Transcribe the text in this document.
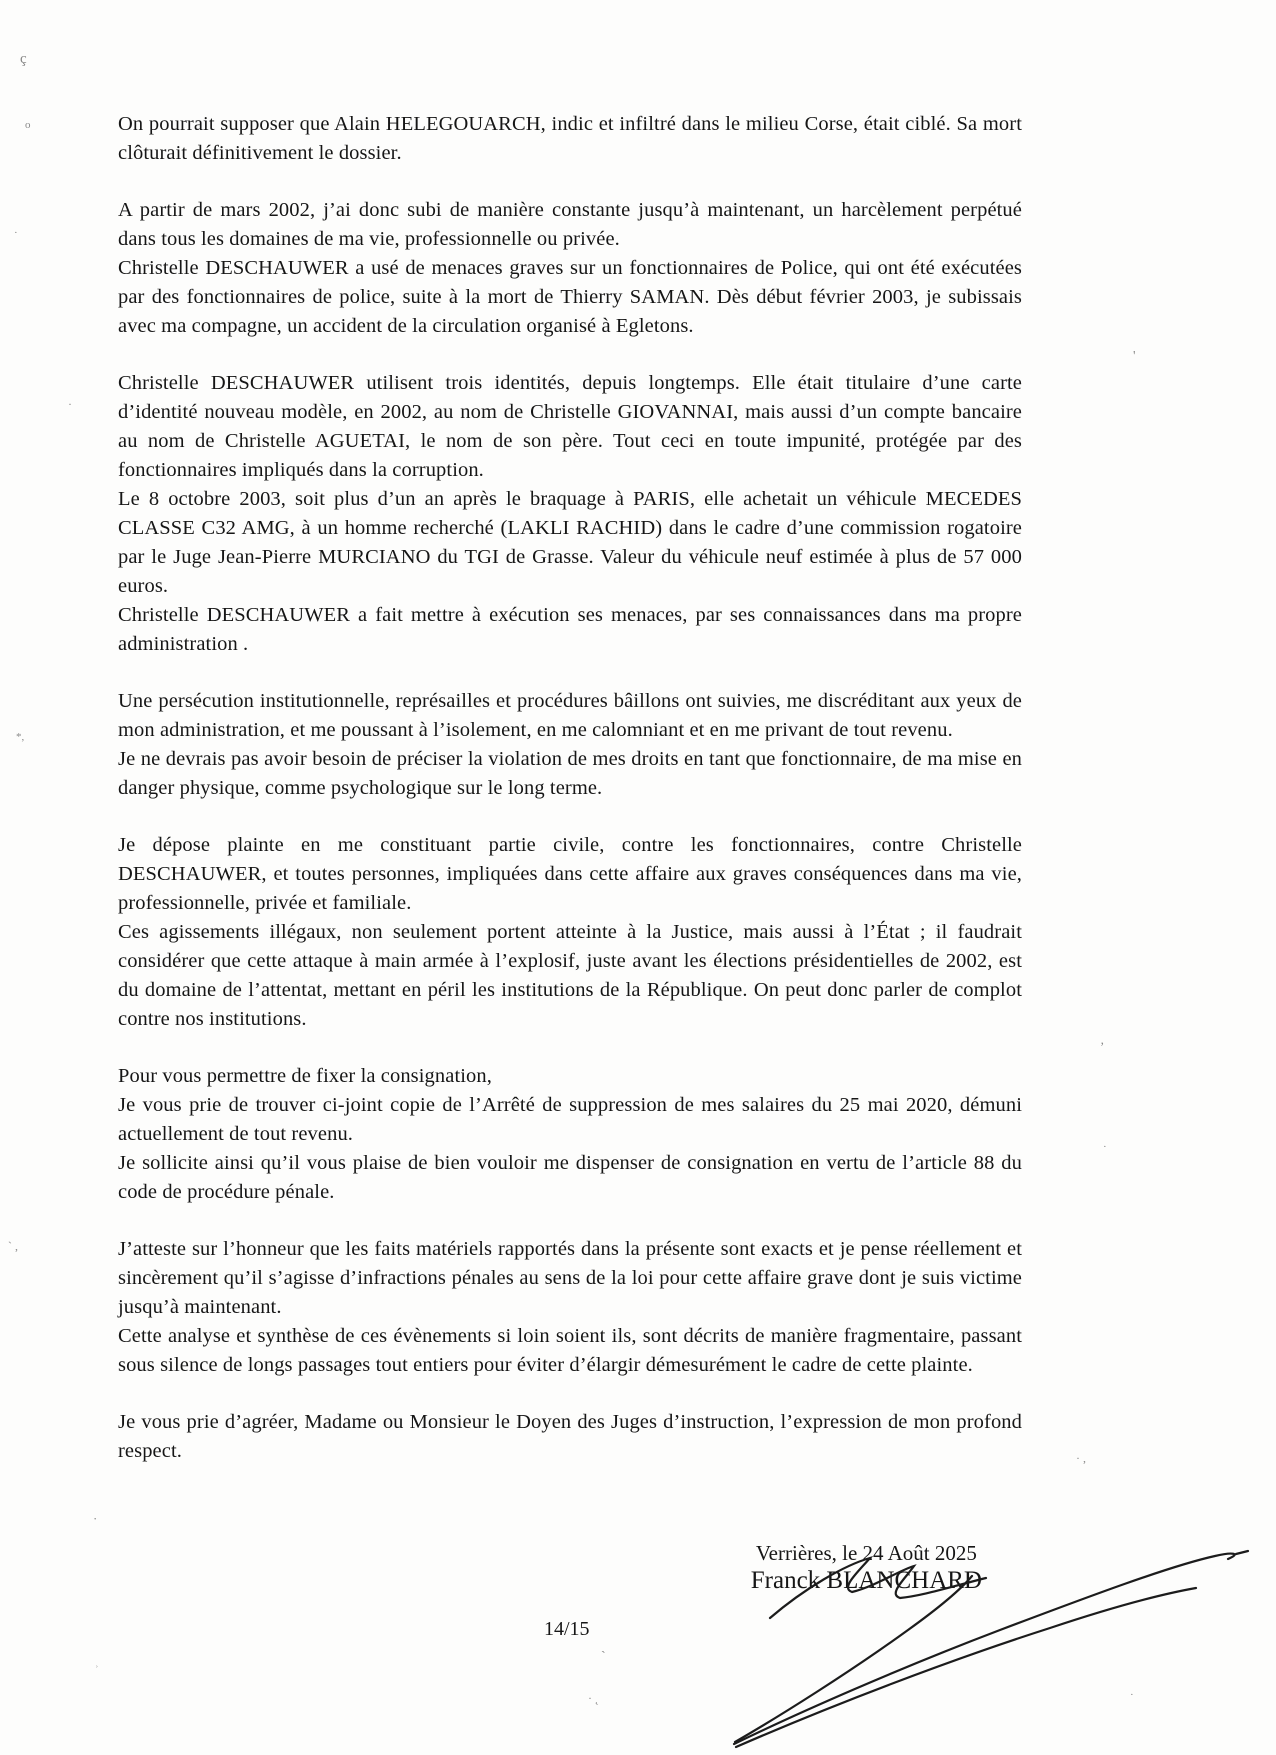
On pourrait supposer que Alain HELEGOUARCH, indic et infiltré dans le milieu Corse, était ciblé. Sa mort clôturait définitivement le dossier.

A partir de mars 2002, j’ai donc subi de manière constante jusqu’à maintenant, un harcèlement perpétué dans tous les domaines de ma vie, professionnelle ou privée.

Christelle DESCHAUWER a usé de menaces graves sur un fonctionnaires de Police, qui ont été exécutées par des fonctionnaires de police, suite à la mort de Thierry SAMAN. Dès début février 2003, je subissais avec ma compagne, un accident de la circulation organisé à Egletons.

Christelle DESCHAUWER utilisent trois identités, depuis longtemps. Elle était titulaire d’une carte d’identité nouveau modèle, en 2002, au nom de Christelle GIOVANNAI, mais aussi d’un compte bancaire au nom de Christelle AGUETAI, le nom de son père. Tout ceci en toute impunité, protégée par des fonctionnaires impliqués dans la corruption.

Le 8 octobre 2003, soit plus d’un an après le braquage à PARIS, elle achetait un véhicule MECEDES CLASSE C32 AMG, à un homme recherché (LAKLI RACHID) dans le cadre d’une commission rogatoire par le Juge Jean-Pierre MURCIANO du TGI de Grasse. Valeur du véhicule neuf estimée à plus de 57 000 euros.

Christelle DESCHAUWER a fait mettre à exécution ses menaces, par ses connaissances dans ma propre administration .

Une persécution institutionnelle, représailles et procédures bâillons ont suivies, me discréditant aux yeux de mon administration, et me poussant à l’isolement, en me calomniant et en me privant de tout revenu.

Je ne devrais pas avoir besoin de préciser la violation de mes droits en tant que fonctionnaire, de ma mise en danger physique, comme psychologique sur le long terme.

Je dépose plainte en me constituant partie civile, contre les fonctionnaires, contre Christelle DESCHAUWER, et toutes personnes, impliquées dans cette affaire aux graves conséquences dans ma vie, professionnelle, privée et familiale.

Ces agissements illégaux, non seulement portent atteinte à la Justice, mais aussi à l’État ; il faudrait considérer que cette attaque à main armée à l’explosif, juste avant les élections présidentielles de 2002, est du domaine de l’attentat, mettant en péril les institutions de la République. On peut donc parler de complot contre nos institutions.

Pour vous permettre de fixer la consignation,

Je vous prie de trouver ci-joint copie de l’Arrêté de suppression de mes salaires du 25 mai 2020, démuni actuellement de tout revenu.

Je sollicite ainsi qu’il vous plaise de bien vouloir me dispenser de consignation en vertu de l’article 88 du code de procédure pénale.

J’atteste sur l’honneur que les faits matériels rapportés dans la présente sont exacts et je pense réellement et sincèrement qu’il s’agisse d’infractions pénales au sens de la loi pour cette affaire grave dont je suis victime jusqu’à maintenant.

Cette analyse et synthèse de ces évènements si loin soient ils, sont décrits de manière fragmentaire, passant sous silence de longs passages tout entiers pour éviter d’élargir démesurément le cadre de cette plainte.

Je vous prie d’agréer, Madame ou Monsieur le Doyen des Juges d’instruction, l’expression de mon profond respect.

Verrières, le 24 Août 2025
Franck BLANCHARD
14/15
ç
o
'
·
’
·
*,
` ,
·
· ,
·
ˏ
· ˛	·
˒
